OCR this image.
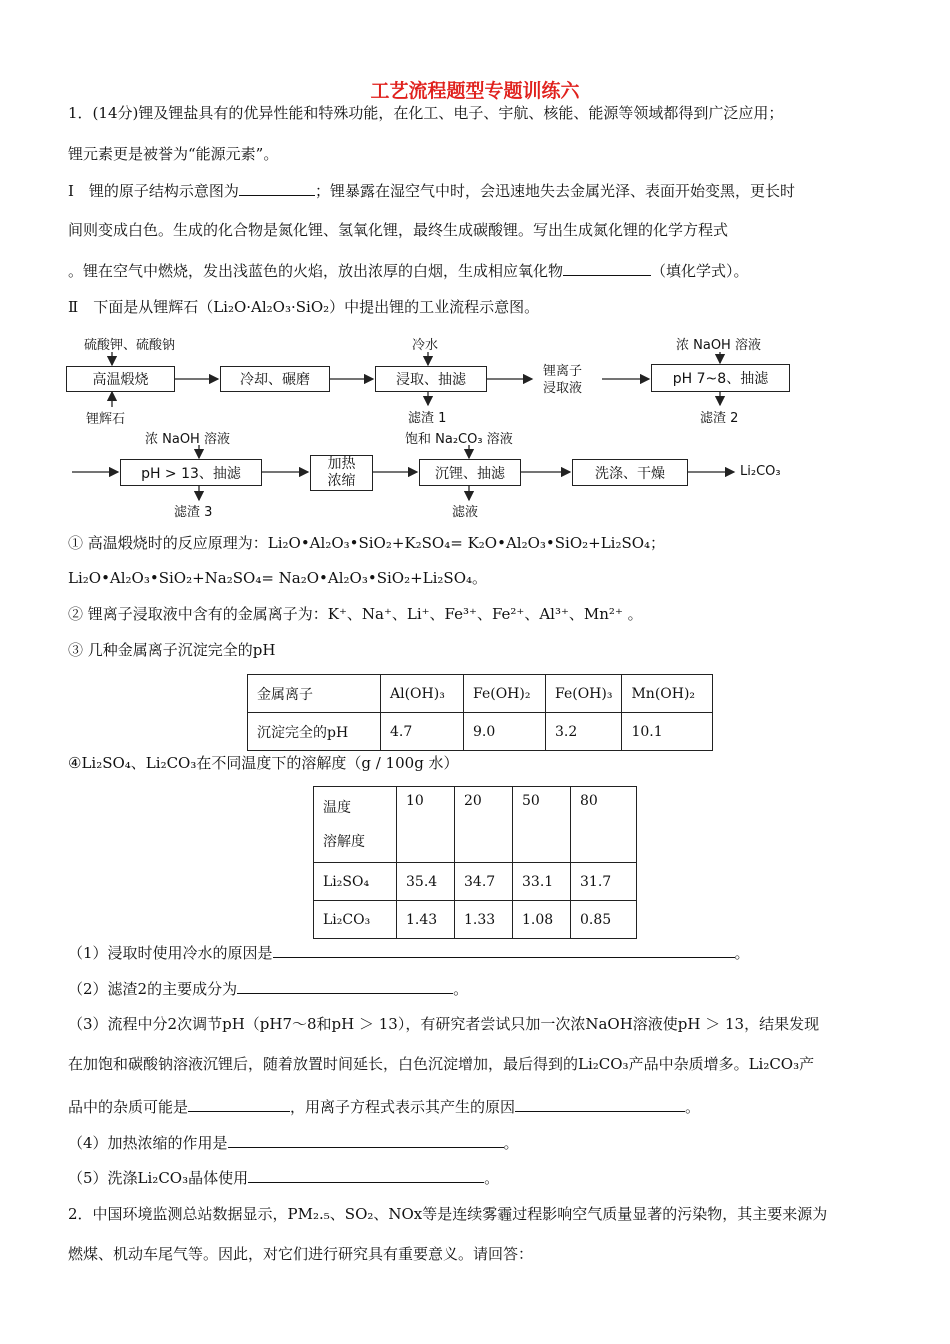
工艺流程题型专题训练六
1．(14分)锂及锂盐具有的优异性能和特殊功能，在化工、电子、宇航、核能、能源等领域都得到广泛应用；
锂元素更是被誉为“能源元素”。
Ⅰ　锂的原子结构示意图为	；锂暴露在湿空气中时，会迅速地失去金属光泽、表面开始变黑，更长时
间则变成白色。生成的化合物是氮化锂、氢氧化锂，最终生成碳酸锂。写出生成氮化锂的化学方程式
。锂在空气中燃烧，发出浅蓝色的火焰，放出浓厚的白烟，生成相应氧化物	（填化学式）。
Ⅱ　下面是从锂辉石（Li₂O·Al₂O₃·SiO₂）中提出锂的工业流程示意图。
硫酸钾、硫酸钠
高温煅烧
锂辉石
冷却、碾磨
冷水
浸取、抽滤
滤渣 1
锂离子
浸取液
浓 NaOH 溶液
pH 7~8、抽滤
滤渣 2
浓 NaOH 溶液
pH > 13、抽滤
滤渣 3
加热
浓缩
饱和 Na₂CO₃ 溶液
沉锂、抽滤
滤液
洗涤、干燥	Li₂CO₃
① 高温煅烧时的反应原理为：Li₂O•Al₂O₃•SiO₂+K₂SO₄= K₂O•Al₂O₃•SiO₂+Li₂SO₄；
Li₂O•Al₂O₃•SiO₂+Na₂SO₄= Na₂O•Al₂O₃•SiO₂+Li₂SO₄。
② 锂离子浸取液中含有的金属离子为：K⁺、Na⁺、Li⁺、Fe³⁺、Fe²⁺、Al³⁺、Mn²⁺ 。
③ 几种金属离子沉淀完全的pH
金属离子	Al(OH)₃	Fe(OH)₂	Fe(OH)₃	Mn(OH)₂
沉淀完全的pH	4.7	9.0	3.2	10.1
④Li₂SO₄、Li₂CO₃在不同温度下的溶解度（g / 100g 水）
温度
溶解度	10	20	50	80
Li₂SO₄	35.4	34.7	33.1	31.7
Li₂CO₃	1.43	1.33	1.08	0.85
（1）浸取时使用冷水的原因是	。
（2）滤渣2的主要成分为	。
（3）流程中分2次调节pH（pH7～8和pH ＞ 13），有研究者尝试只加一次浓NaOH溶液使pH ＞ 13，结果发现
在加饱和碳酸钠溶液沉锂后，随着放置时间延长，白色沉淀增加，最后得到的Li₂CO₃产品中杂质增多。Li₂CO₃产
品中的杂质可能是	，用离子方程式表示其产生的原因	。
（4）加热浓缩的作用是	。
（5）洗涤Li₂CO₃晶体使用	。
2．中国环境监测总站数据显示，PM₂.₅、SO₂、NOx等是连续雾霾过程影响空气质量显著的污染物，其主要来源为
燃煤、机动车尾气等。因此，对它们进行研究具有重要意义。请回答：
